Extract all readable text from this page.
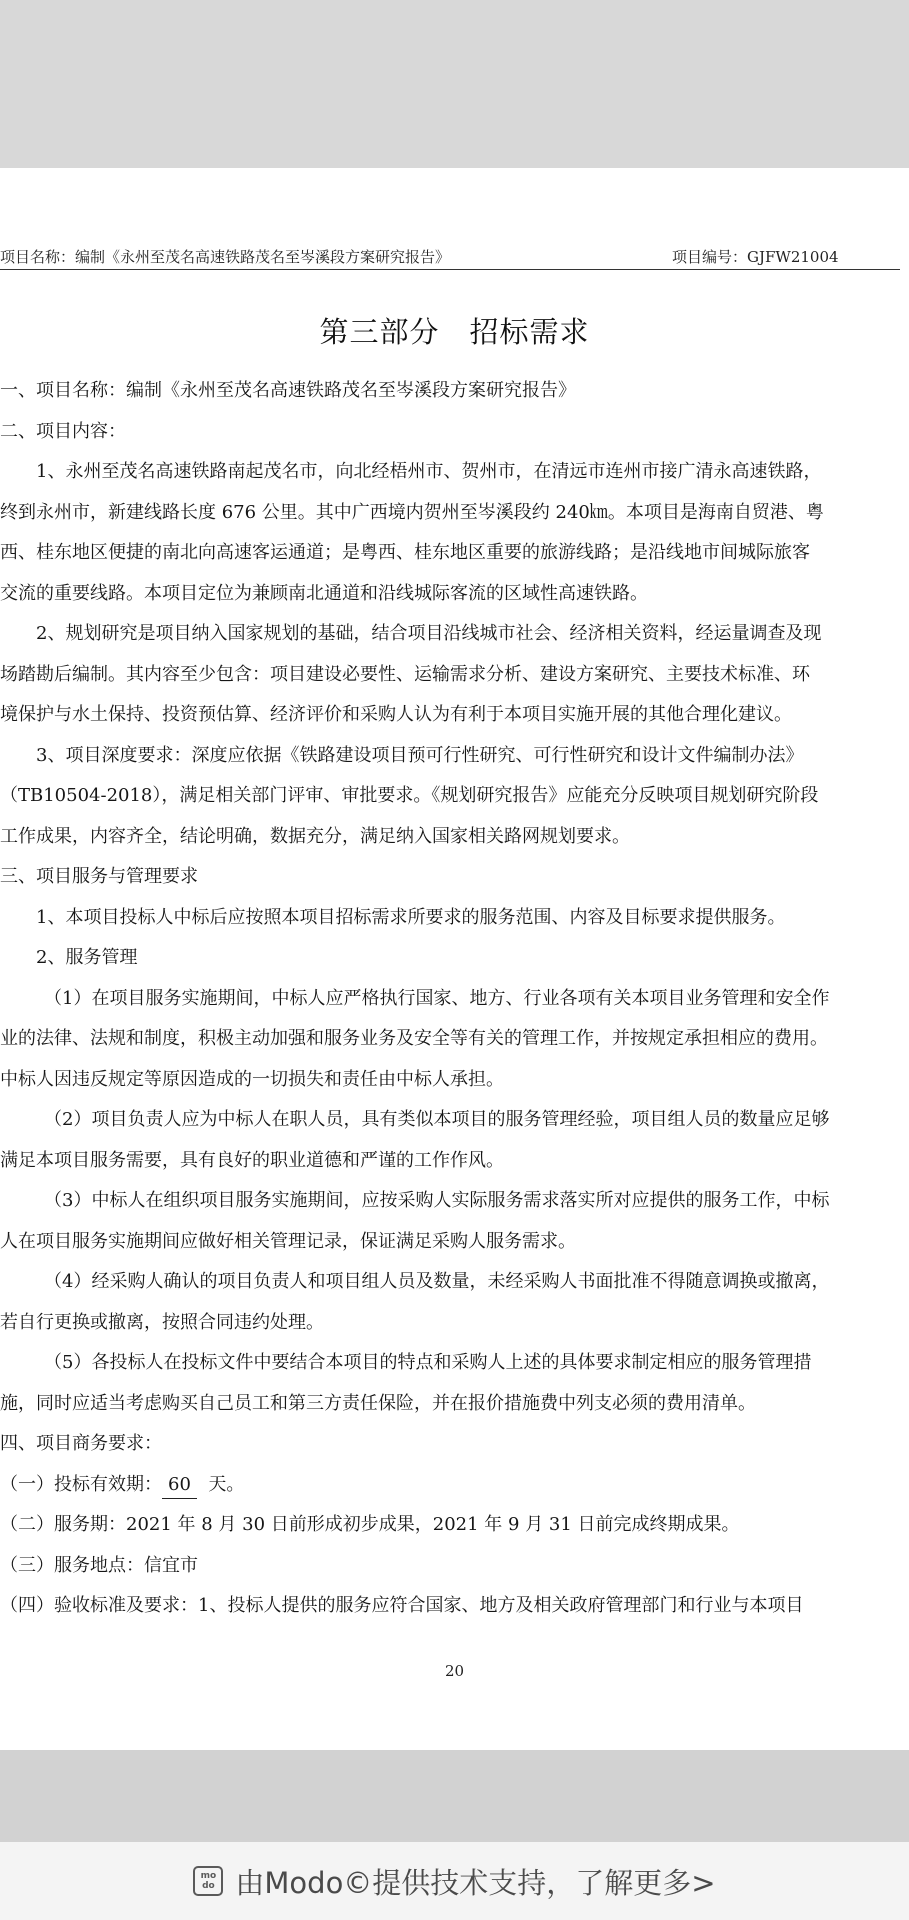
项目名称：编制《永州至茂名高速铁路茂名至岑溪段方案研究报告》	项目编号：GJFW21004
第三部分 招标需求

一、项目名称：编制《永州至茂名高速铁路茂名至岑溪段方案研究报告》

二、项目内容：

1、永州至茂名高速铁路南起茂名市，向北经梧州市、贺州市，在清远市连州市接广清永高速铁路，

终到永州市，新建线路长度 676 公里。其中广西境内贺州至岑溪段约 240㎞。本项目是海南自贸港、粤

西、桂东地区便捷的南北向高速客运通道；是粤西、桂东地区重要的旅游线路；是沿线地市间城际旅客

交流的重要线路。本项目定位为兼顾南北通道和沿线城际客流的区域性高速铁路。

2、规划研究是项目纳入国家规划的基础，结合项目沿线城市社会、经济相关资料，经运量调查及现

场踏勘后编制。其内容至少包含：项目建设必要性、运输需求分析、建设方案研究、主要技术标准、环

境保护与水土保持、投资预估算、经济评价和采购人认为有利于本项目实施开展的其他合理化建议。

3、项目深度要求：深度应依据《铁路建设项目预可行性研究、可行性研究和设计文件编制办法》

（TB10504-2018），满足相关部门评审、审批要求。《规划研究报告》应能充分反映项目规划研究阶段

工作成果，内容齐全，结论明确，数据充分，满足纳入国家相关路网规划要求。

三、项目服务与管理要求

1、本项目投标人中标后应按照本项目招标需求所要求的服务范围、内容及目标要求提供服务。

2、服务管理

（1）在项目服务实施期间，中标人应严格执行国家、地方、行业各项有关本项目业务管理和安全作

业的法律、法规和制度，积极主动加强和服务业务及安全等有关的管理工作，并按规定承担相应的费用。

中标人因违反规定等原因造成的一切损失和责任由中标人承担。

（2）项目负责人应为中标人在职人员，具有类似本项目的服务管理经验，项目组人员的数量应足够

满足本项目服务需要，具有良好的职业道德和严谨的工作作风。

（3）中标人在组织项目服务实施期间，应按采购人实际服务需求落实所对应提供的服务工作，中标

人在项目服务实施期间应做好相关管理记录，保证满足采购人服务需求。

（4）经采购人确认的项目负责人和项目组人员及数量，未经采购人书面批准不得随意调换或撤离，

若自行更换或撤离，按照合同违约处理。

（5）各投标人在投标文件中要结合本项目的特点和采购人上述的具体要求制定相应的服务管理措

施，同时应适当考虑购买自己员工和第三方责任保险，并在报价措施费中列支必须的费用清单。

四、项目商务要求：

（一）投标有效期： 60 天。

（二）服务期：2021 年 8 月 30 日前形成初步成果，2021 年 9 月 31 日前完成终期成果。

（三）服务地点：信宜市

（四）验收标准及要求：1、投标人提供的服务应符合国家、地方及相关政府管理部门和行业与本项目

20
mo
do 由Modo©提供技术支持，了解更多>
